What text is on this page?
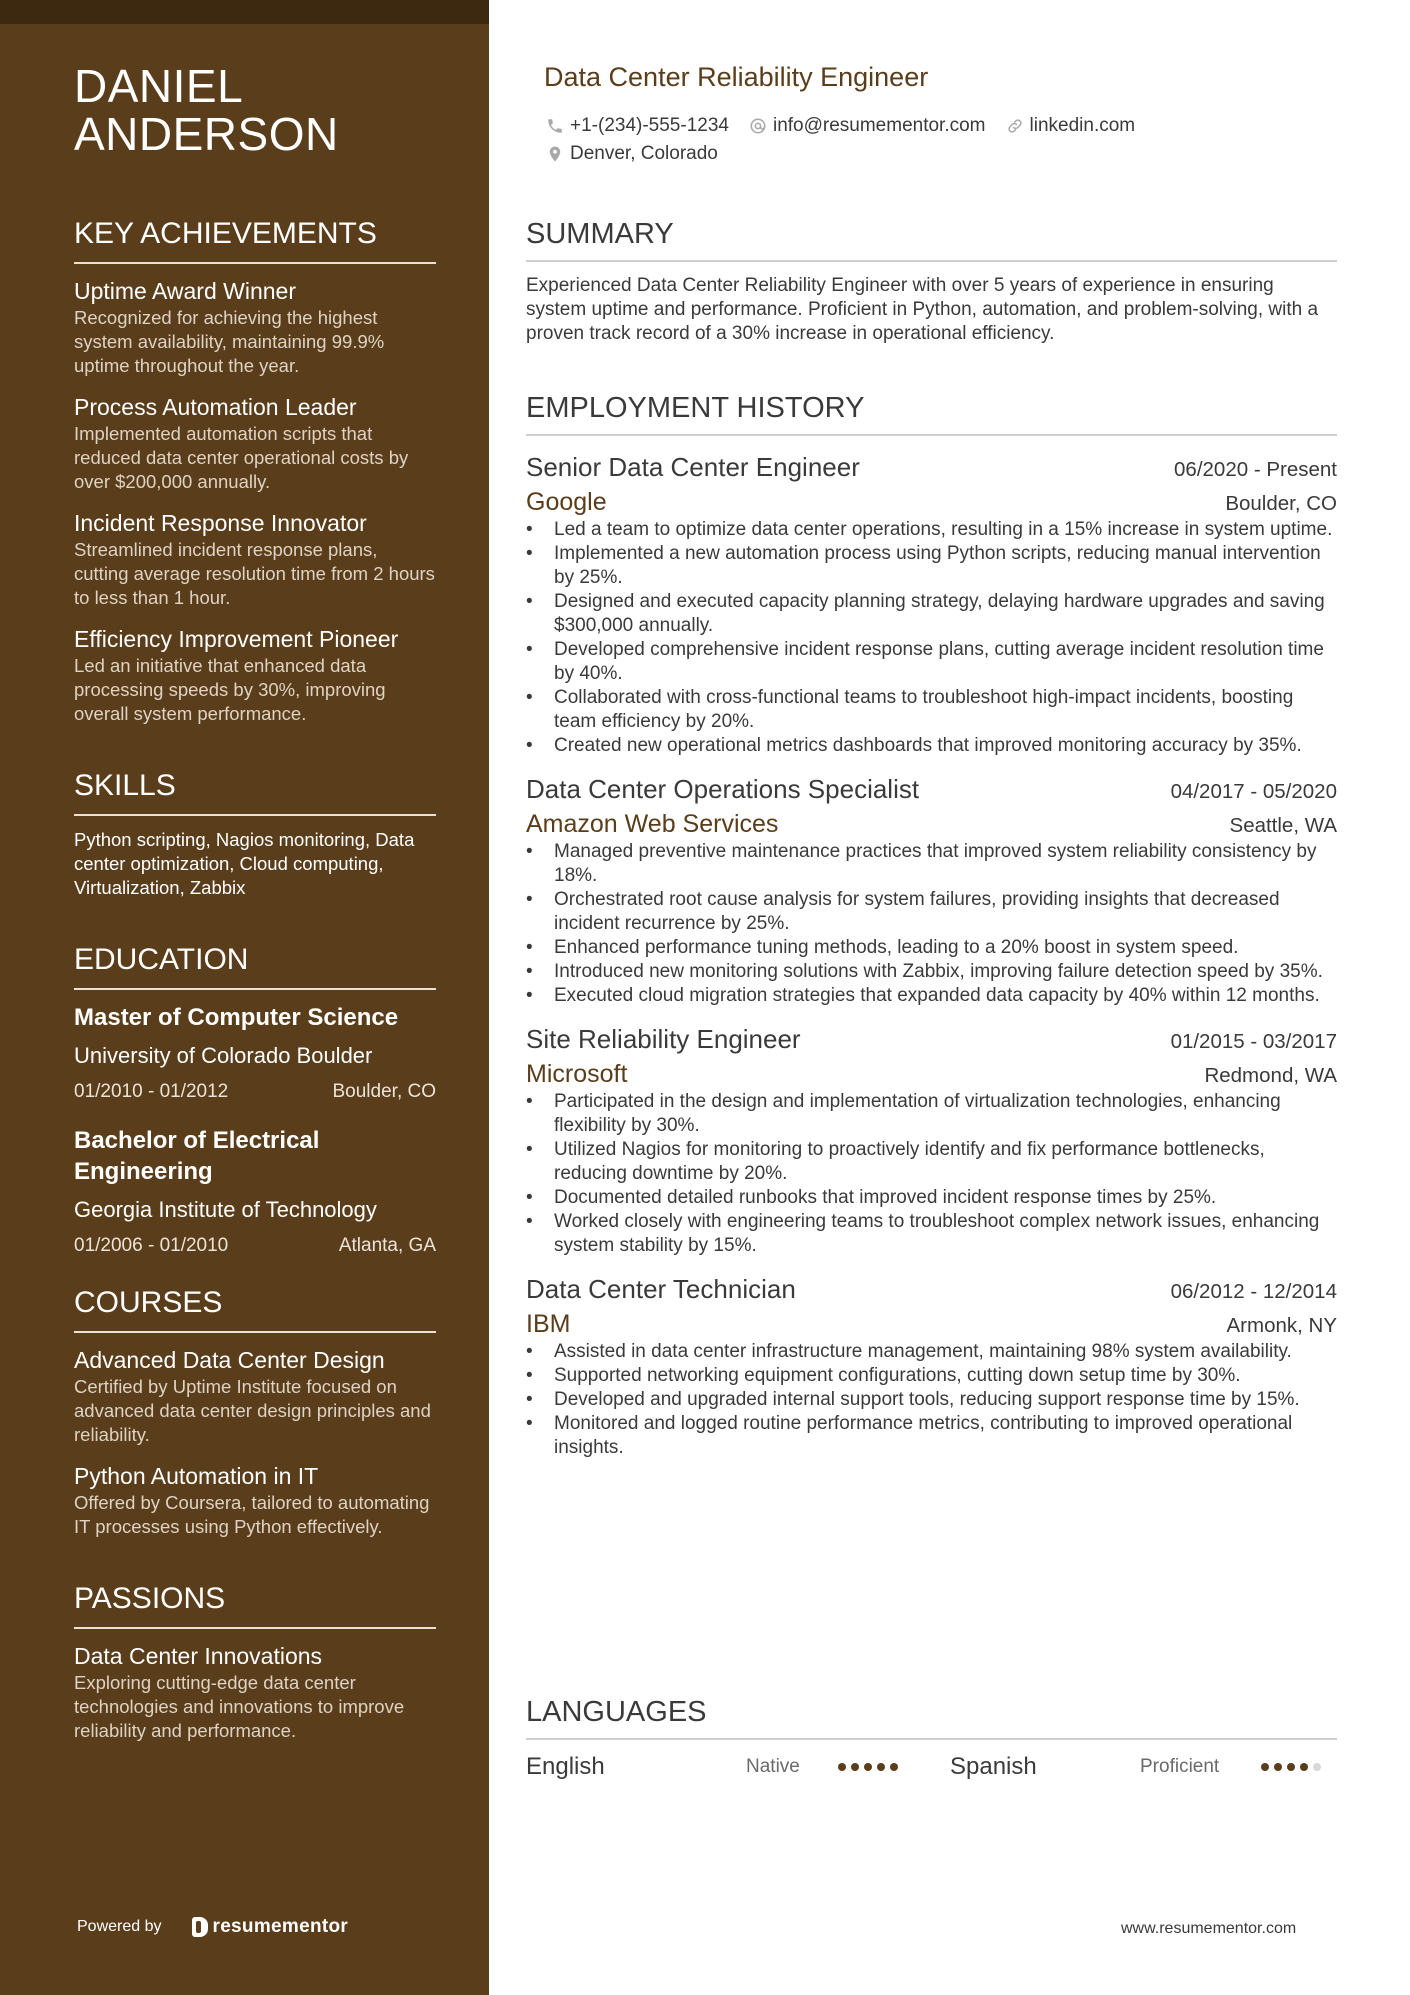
DANIEL
ANDERSON
KEY ACHIEVEMENTS
Uptime Award Winner
Recognized for achieving the highest system availability, maintaining 99.9% uptime throughout the year.
Process Automation Leader
Implemented automation scripts that reduced data center operational costs by over $200,000 annually.
Incident Response Innovator
Streamlined incident response plans, cutting average resolution time from 2 hours to less than 1 hour.
Efficiency Improvement Pioneer
Led an initiative that enhanced data processing speeds by 30%, improving overall system performance.
SKILLS
Python scripting, Nagios monitoring, Data center optimization, Cloud computing, Virtualization, Zabbix
EDUCATION
Master of Computer Science
University of Colorado Boulder
01/2010 - 01/2012	Boulder, CO
Bachelor of Electrical Engineering
Georgia Institute of Technology
01/2006 - 01/2010	Atlanta, GA
COURSES
Advanced Data Center Design
Certified by Uptime Institute focused on advanced data center design principles and reliability.
Python Automation in IT
Offered by Coursera, tailored to automating IT processes using Python effectively.
PASSIONS
Data Center Innovations
Exploring cutting-edge data center technologies and innovations to improve reliability and performance.
Powered by	resumementor
Data Center Reliability Engineer
+1-(234)-555-1234 info@resumementor.com linkedin.com
Denver, Colorado
SUMMARY
Experienced Data Center Reliability Engineer with over 5 years of experience in ensuring system uptime and performance. Proficient in Python, automation, and problem-solving, with a proven track record of a 30% increase in operational efficiency.
EMPLOYMENT HISTORY
Senior Data Center Engineer	06/2020 - Present
Google	Boulder, CO
• Led a team to optimize data center operations, resulting in a 15% increase in system uptime.
• Implemented a new automation process using Python scripts, reducing manual intervention by 25%.
• Designed and executed capacity planning strategy, delaying hardware upgrades and saving $300,000 annually.
• Developed comprehensive incident response plans, cutting average incident resolution time by 40%.
• Collaborated with cross-functional teams to troubleshoot high-impact incidents, boosting team efficiency by 20%.
• Created new operational metrics dashboards that improved monitoring accuracy by 35%.
Data Center Operations Specialist	04/2017 - 05/2020
Amazon Web Services	Seattle, WA
• Managed preventive maintenance practices that improved system reliability consistency by 18%.
• Orchestrated root cause analysis for system failures, providing insights that decreased incident recurrence by 25%.
• Enhanced performance tuning methods, leading to a 20% boost in system speed.
• Introduced new monitoring solutions with Zabbix, improving failure detection speed by 35%.
• Executed cloud migration strategies that expanded data capacity by 40% within 12 months.
Site Reliability Engineer	01/2015 - 03/2017
Microsoft	Redmond, WA
• Participated in the design and implementation of virtualization technologies, enhancing flexibility by 30%.
• Utilized Nagios for monitoring to proactively identify and fix performance bottlenecks, reducing downtime by 20%.
• Documented detailed runbooks that improved incident response times by 25%.
• Worked closely with engineering teams to troubleshoot complex network issues, enhancing system stability by 15%.
Data Center Technician	06/2012 - 12/2014
IBM	Armonk, NY
• Assisted in data center infrastructure management, maintaining 98% system availability.
• Supported networking equipment configurations, cutting down setup time by 30%.
• Developed and upgraded internal support tools, reducing support response time by 15%.
• Monitored and logged routine performance metrics, contributing to improved operational insights.
LANGUAGES
English	Native	Spanish	Proficient
www.resumementor.com
